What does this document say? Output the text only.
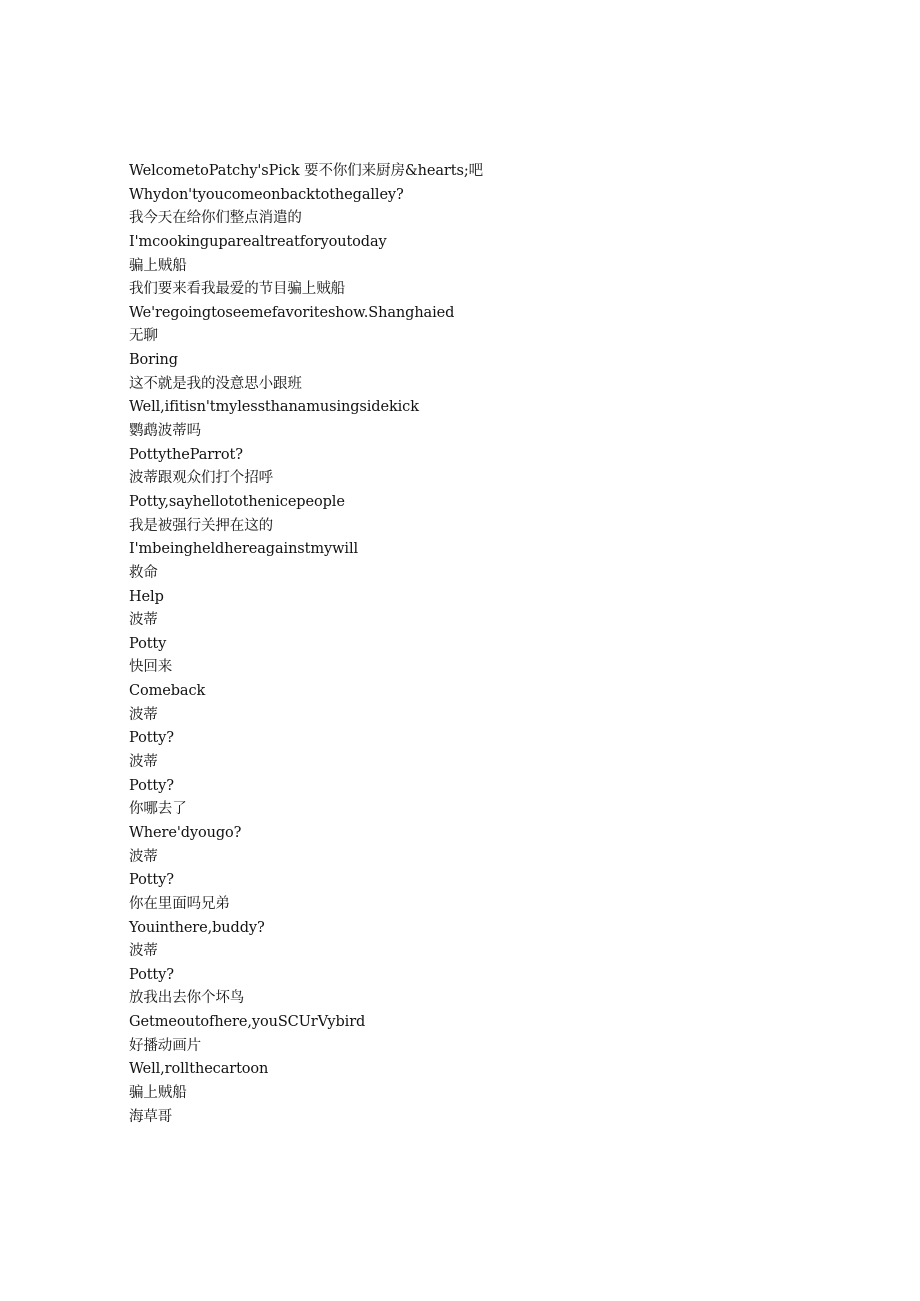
WelcometoPatchy'sPick 要不你们来厨房&hearts;吧
Whydon'tyoucomeonbacktothegalley?
我今天在给你们整点消遣的
I'mcookinguparealtreatforyoutoday
骗上贼船
我们要来看我最爱的节目骗上贼船
We'regoingtoseemefavoriteshow.Shanghaied
无聊
Boring
这不就是我的没意思小跟班
Well,ifitisn'tmylessthanamusingsidekick
鹦鹉波蒂吗
PottytheParrot?
波蒂跟观众们打个招呼
Potty,sayhellotothenicepeople
我是被强行关押在这的
I'mbeingheldhereagainstmywill
救命
Help
波蒂
Potty
快回来
Comeback
波蒂
Potty?
波蒂
Potty?
你哪去了
Where'dyougo?
波蒂
Potty?
你在里面吗兄弟
Youinthere,buddy?
波蒂
Potty?
放我出去你个坏鸟
Getmeoutofhere,youSCUrVybird
好播动画片
Well,rollthecartoon
骗上贼船
海草哥
